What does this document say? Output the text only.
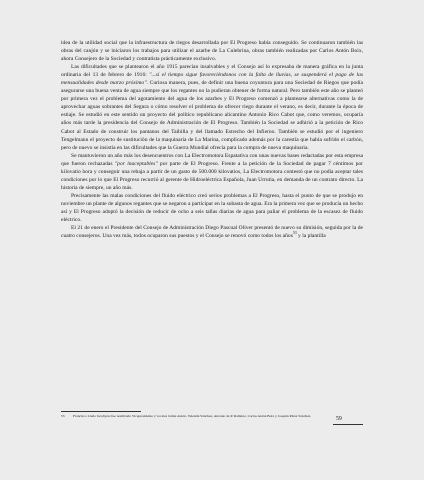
idea de la utilidad social que la infraestructura de riegos desarrollada por El Progreso había conseguido. Se continuaron también las obras del canjón y se iniciaron los trabajos para utilizar el azarbe de La Culebrina, obras también realizadas por Carlos Antón Boix, ahora Consejero de la Sociedad y contratista prácticamente exclusivo.

Las dificultades que se plantearon el año 1915 parecían insalvables y el Consejo así lo expresaba de manera gráfica en la junta ordinaria del 13 de febrero de 1916: "...si el tiempo sigue favoreciéndonos con la falta de lluvias, se suspenderá el pago de las mensualidades desde marzo próximo". Curiosa manera, pues, de definir una buena coyuntura para una Sociedad de Riegos que podía asegurarse una buena venta de agua siempre que los regantes no la pudieran obtener de forma natural. Pero también este año se planteó por primera vez el problema del agotamiento del agua de los azarbes y El Progreso comenzó a plantearse alternativas como la de aprovechar aguas sobrantes del Segura o cómo resolver el problema de ofrecer riego durante el verano, es decir, durante la época de estiaje. Se estudió en este sentido un proyecto del político republicano alicantino Antonio Rico Cabot que, como veremos, ocuparía años más tarde la presidencia del Consejo de Administración de El Progreso. También la Sociedad se adhirió a la petición de Rico Cabot al Estado de construir los pantanos del Taibilla y del llamado Estrecho del Infierno. También se estudió por el ingeniero Tengelmann el proyecto de sustitución de la maquinaria de La Marina, complicado además por la carestía que había sufrido el carbón, pero de nuevo se insistía en las dificultades que la Guerra Mundial ofrecía para la compra de nueva maquinaria.

Se mantuvieron un año más los desencuentros con La Electromotora Espatativa con unas nuevas bases redactadas por esta empresa que fueron rechazadas "por inaceptables" por parte de El Progreso. Frente a la petición de la Sociedad de pagar 7 céntimos por kilovatio hora y conseguir una rebaja a partir de un gasto de 500.000 kilovatios, La Electromotora contestó que no podía aceptar tales condiciones por lo que El Progreso recurrió al gerente de Hidroeléctrica Española, Juan Urrutia, en demanda de un contrato directo. La historia de siempre, un año más.

Precisamente las malas condiciones del fluido eléctrico creó serios problemas a El Progreso, hasta el punto de que se produjo en noviembre un plante de algunos regantes que se negaron a participar en la subasta de agua. Era la primera vez que se producía un hecho así y El Progreso adoptó la decisión de reducir de ocho a seis tallas diarias de agua para paliar el problema de la escasez de fluido eléctrico.

El 21 de enero el Presidente del Consejo de Administración Diego Pascual Oliver presentó de nuevo su dimisión, seguida por la de cuatro consejeros. Una vez más, todos ocuparon sus puestos y el Consejo se renovó como todos los años$^{53}$ y la plantilla

53 Francisco Lledo Iacabyres fue nombrado Vicepresidente y vocales Jaime Antón, Valentín Sánchez, Antonio de P. Ramírez, Carlos Antón Boix y Joaquín Pérez Sánchez.	59
